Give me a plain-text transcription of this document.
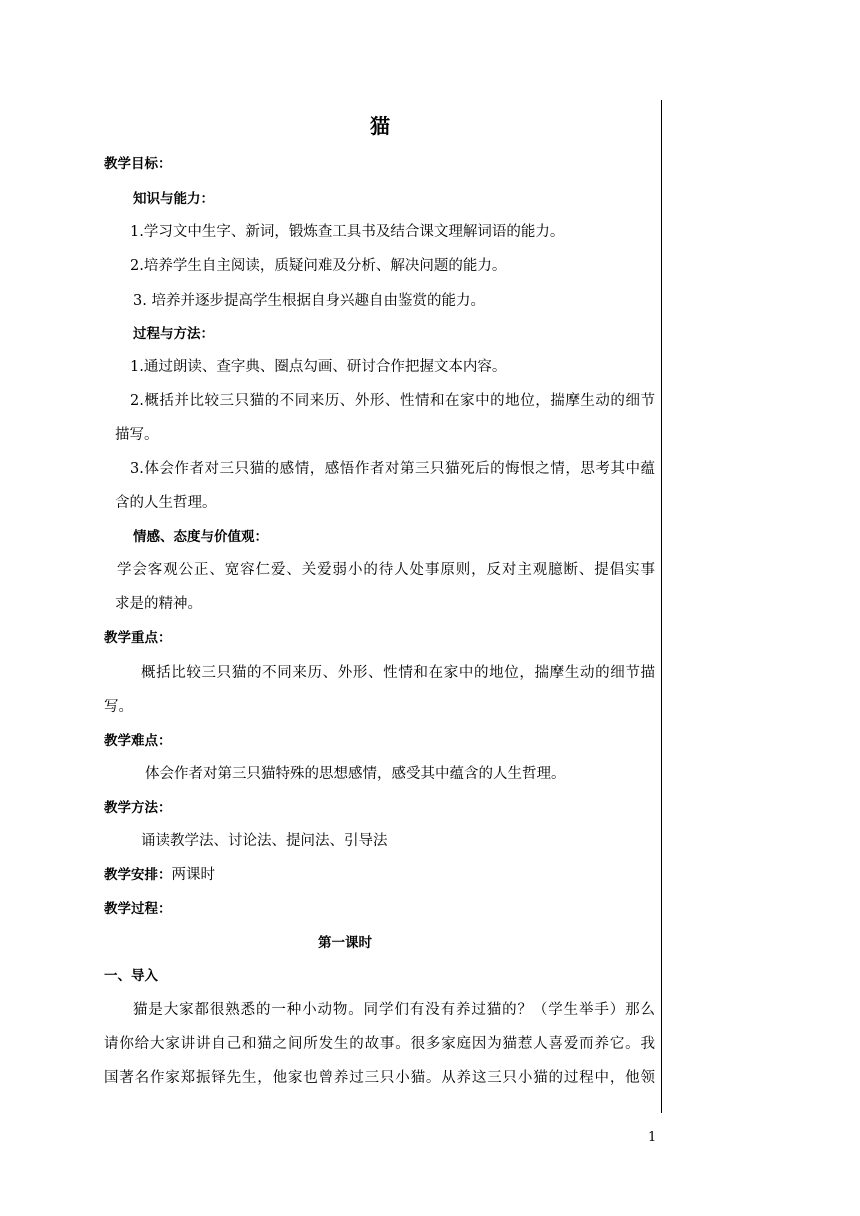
猫
教学目标：
知识与能力：
1.学习文中生字、新词，锻炼查工具书及结合课文理解词语的能力。
2.培养学生自主阅读，质疑问难及分析、解决问题的能力。
3. 培养并逐步提高学生根据自身兴趣自由鉴赏的能力。
过程与方法：
1.通过朗读、查字典、圈点勾画、研讨合作把握文本内容。
2.概括并比较三只猫的不同来历、外形、性情和在家中的地位，揣摩生动的细节
描写。
3.体会作者对三只猫的感情，感悟作者对第三只猫死后的悔恨之情，思考其中蕴
含的人生哲理。
情感、态度与价值观：
学会客观公正、宽容仁爱、关爱弱小的待人处事原则，反对主观臆断、提倡实事
求是的精神。
教学重点：
概括比较三只猫的不同来历、外形、性情和在家中的地位，揣摩生动的细节描
写。
教学难点：
体会作者对第三只猫特殊的思想感情，感受其中蕴含的人生哲理。
教学方法：
诵读教学法、讨论法、提问法、引导法
教学安排：两课时
教学过程：
第一课时
一、导入
猫是大家都很熟悉的一种小动物。同学们有没有养过猫的？（学生举手）那么
请你给大家讲讲自己和猫之间所发生的故事。很多家庭因为猫惹人喜爱而养它。我
国著名作家郑振铎先生，他家也曾养过三只小猫。从养这三只小猫的过程中，他领
1
